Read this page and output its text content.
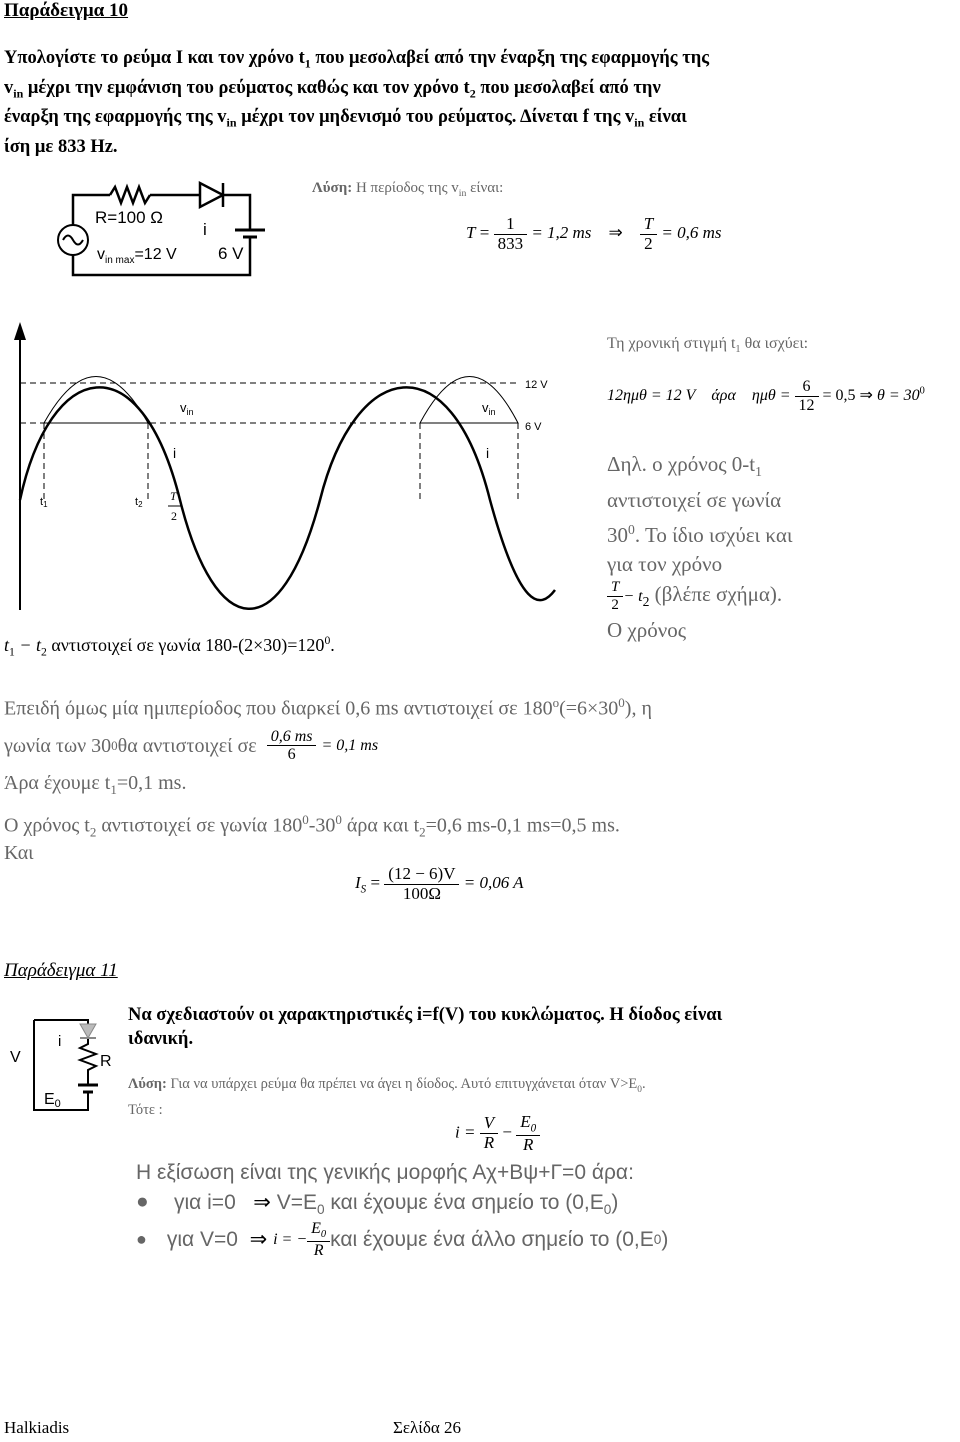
Παράδειγμα 10
Υπολογίστε το ρεύμα I και τον χρόνο $t_1$ που μεσολαβεί από την έναρξη της εφαρμογής της
$v_{in}$ μέχρι την εμφάνιση του ρεύματος καθώς και τον χρόνο $t_2$ που μεσολαβεί από την
έναρξη της εφαρμογής της $v_{in}$ μέχρι τον μηδενισμό του ρεύματος. Δίνεται f της $v_{in}$ είναι
ίση με 833 Hz.
R=100 Ω
$v_{in max}=12$ V
i
6 V
Λύση: Η περίοδος της $v_{in}$ είναι:
$T = \frac{1}{833} = 1,2$ ms ⇒ $\frac{T}{2} = 0,6$ ms
12 V
6 V
$v_{in}$	$v_{in}$
i	i
t1	t2
T
2
$t_1 - t_2$ αντιστοιχεί σε γωνία $180-(2\times 30)=120^0$.
Τη χρονική στιγμή $t_1$ θα ισχύει:
12ημθ = 12 V άρα $\eta\mu\theta = \frac{6}{12} = 0,5$ ⇒ $\theta = 30^0$
Δηλ. ο χρόνος $0-t_1$
αντιστοιχεί σε γωνία
$30^0$. Το ίδιο ισχύει και
για τον χρόνο
$\frac{T}{2} - t_2$ (βλέπε σχήμα).
Ο χρόνος
Επειδή όμως μία ημιπερίοδος που διαρκεί 0,6 ms αντιστοιχεί σε $180^o(=6\times 30^0)$, η
γωνία των 30 0 θα αντιστοιχεί σε
$\frac{0,6 ms}{6}$
= 0,1 ms
Άρα έχουμε $t_1=0,1$ ms.
Ο χρόνος $t_2$ αντιστοιχεί σε γωνία $180^0-30^0$ άρα και $t_2=0,6$ ms-0,1 ms=0,5 ms.
Και
$I_S = \frac{(12 - 6)V}{100\Omega} = 0,06$ A
Παράδειγμα 11
V
i
R
E0
Να σχεδιαστούν οι χαρακτηριστικές i=f(V) του κυκλώματος. Η δίοδος είναι
ιδανική.
Λύση: Για να υπάρχει ρεύμα θα πρέπει να άγει η δίοδος. Αυτό επιτυγχάνεται όταν $V>E_0$.
Τότε :
$i = \frac{V}{R} - \frac{E_0}{R}$
Η εξίσωση είναι της γενικής μορφής Αχ+Βψ+Γ=0 άρα:
● για i=0 ⇒ $V=E_0$ και έχουμε ένα σημείο το $(0,E_0)$
● για V=0
⇒
i = − $\frac{E_0}{R}$ και έχουμε ένα άλλο σημείο το (0,E 0 )
Halkiadis	Σελίδα 26
